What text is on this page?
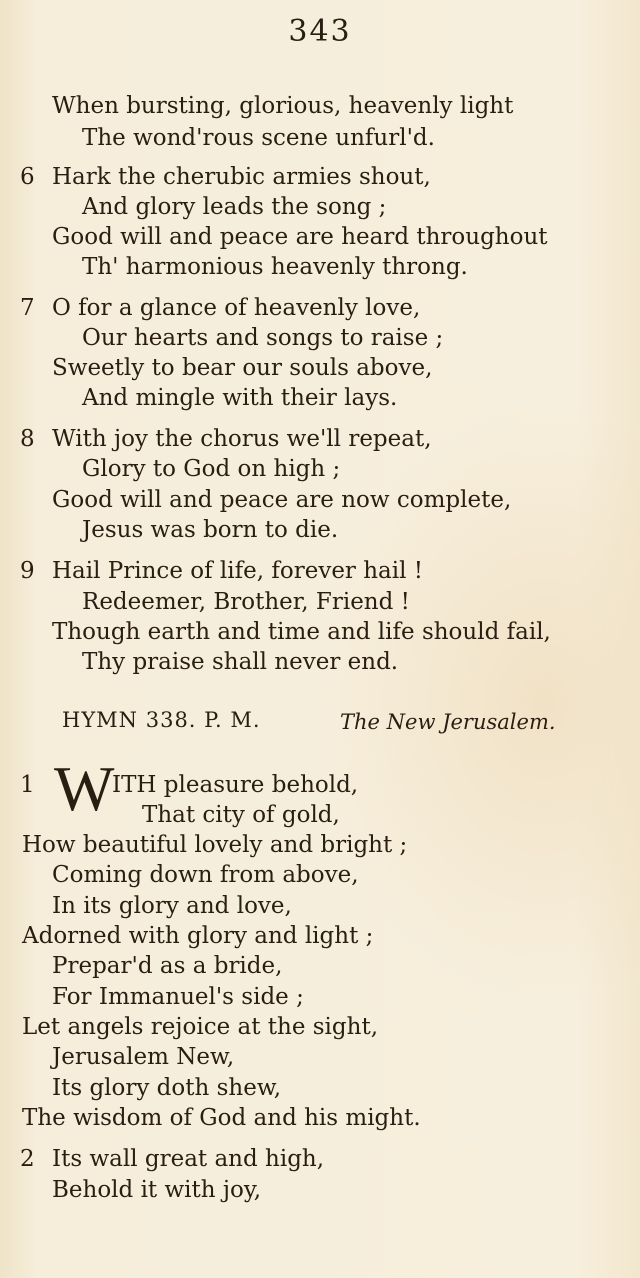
343
When bursting, glorious, heavenly light
The wond'rous scene unfurl'd.
6 Hark the cherubic armies shout,
And glory leads the song ;
Good will and peace are heard throughout
Th' harmonious heavenly throng.
7 O for a glance of heavenly love,
Our hearts and songs to raise ;
Sweetly to bear our souls above,
And mingle with their lays.
8 With joy the chorus we'll repeat,
Glory to God on high ;
Good will and peace are now complete,
Jesus was born to die.
9 Hail Prince of life, forever hail !
Redeemer, Brother, Friend !
Though earth and time and life should fail,
Thy praise shall never end.
HYMN 338. P. M.	The New Jerusalem.
1 W
ITH pleasure behold,
That city of gold,
How beautiful lovely and bright ;
Coming down from above,
In its glory and love,
Adorned with glory and light ;
Prepar'd as a bride,
For Immanuel's side ;
Let angels rejoice at the sight,
Jerusalem New,
Its glory doth shew,
The wisdom of God and his might.
2 Its wall great and high,
Behold it with joy,
